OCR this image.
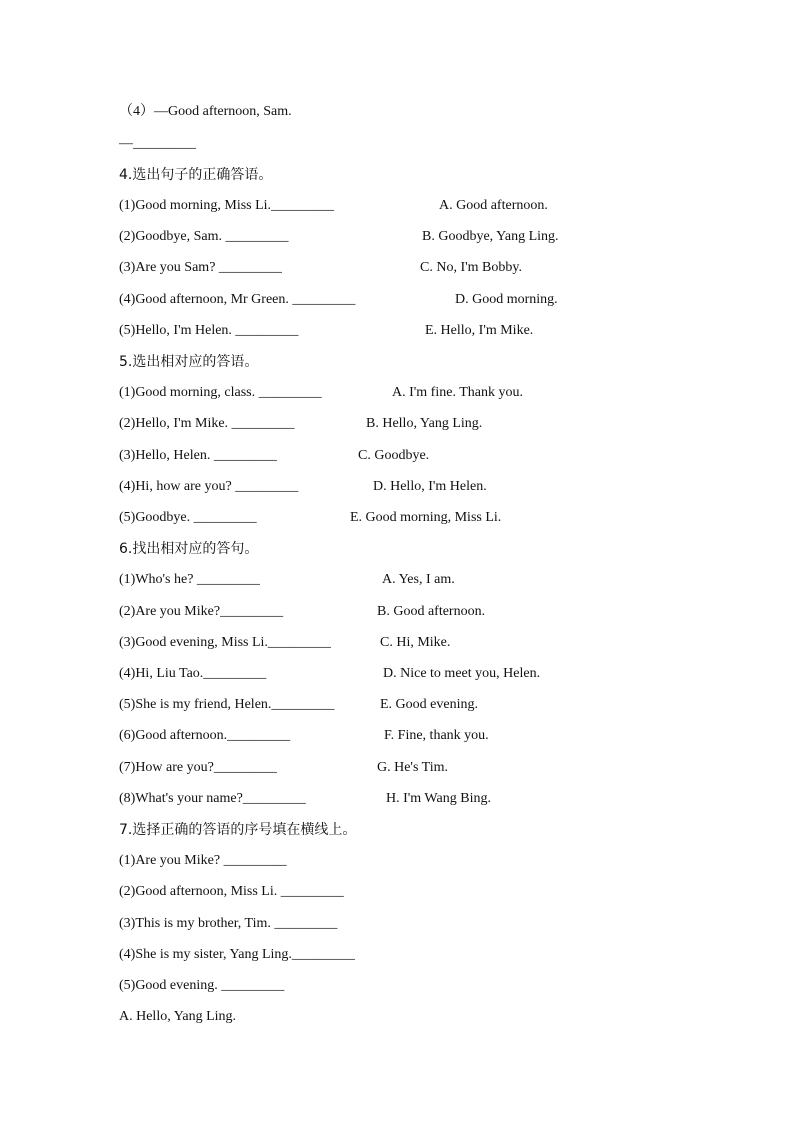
（4）—Good afternoon, Sam.
—_________
4.选出句子的正确答语。
(1)Good morning, Miss Li._________	A. Good afternoon.
(2)Goodbye, Sam. _________	B. Goodbye, Yang Ling.
(3)Are you Sam? _________	C. No, I'm Bobby.
(4)Good afternoon, Mr Green. _________	D. Good morning.
(5)Hello, I'm Helen. _________	E. Hello, I'm Mike.
5.选出相对应的答语。
(1)Good morning, class. _________	A. I'm fine. Thank you.
(2)Hello, I'm Mike. _________	B. Hello, Yang Ling.
(3)Hello, Helen. _________	C. Goodbye.
(4)Hi, how are you? _________	D. Hello, I'm Helen.
(5)Goodbye. _________	E. Good morning, Miss Li.
6.找出相对应的答句。
(1)Who's he? _________	A. Yes, I am.
(2)Are you Mike?_________	B. Good afternoon.
(3)Good evening, Miss Li._________	C. Hi, Mike.
(4)Hi, Liu Tao._________	D. Nice to meet you, Helen.
(5)She is my friend, Helen._________	E. Good evening.
(6)Good afternoon._________	F. Fine, thank you.
(7)How are you?_________	G. He's Tim.
(8)What's your name?_________	H. I'm Wang Bing.
7.选择正确的答语的序号填在横线上。
(1)Are you Mike? _________
(2)Good afternoon, Miss Li. _________
(3)This is my brother, Tim. _________
(4)She is my sister, Yang Ling._________
(5)Good evening. _________
A. Hello, Yang Ling.
